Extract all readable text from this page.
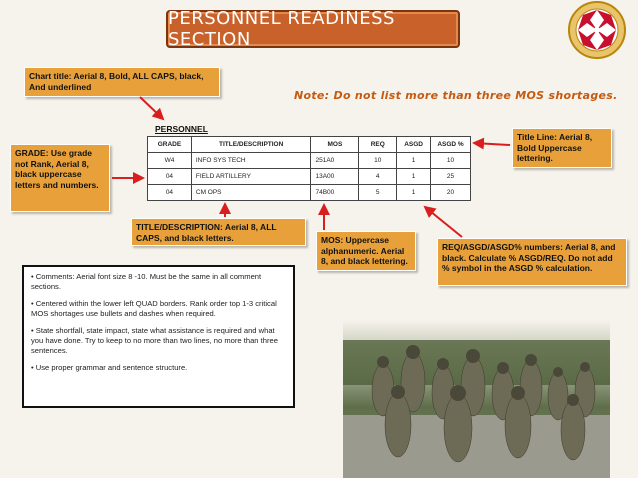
PERSONNEL READINESS SECTION
Note: Do not list more than three MOS shortages.
Chart title: Aerial 8, Bold, ALL CAPS, black, And underlined
GRADE: Use grade not Rank, Aerial 8, black uppercase letters and numbers.
TITLE/DESCRIPTION: Aerial 8, ALL CAPS, and black letters.	MOS: Uppercase alphanumeric. Aerial 8, and black lettering.
REQ/ASGD/ASGD% numbers: Aerial 8, and black. Calculate % ASGD/REQ. Do not add % symbol in the ASGD % calculation.
Title Line: Aerial 8, Bold Uppercase lettering.
PERSONNEL
GRADE	TITLE/DESCRIPTION	MOS	REQ	ASGD	ASGD %
W4	INFO SYS TECH	251A0	10	1	10
04	FIELD ARTILLERY	13A00	4	1	25
04	CM OPS	74B00	5	1	20

• Comments: Aerial font size 8 -10. Must be the same in all comment sections.

• Centered within the lower left QUAD borders. Rank order top 1-3 critical MOS shortages use bullets and dashes when required.

• State shortfall, state impact, state what assistance is required and what you have done. Try to keep to no more than two lines, no more than three sentences.

• Use proper grammar and sentence structure.
